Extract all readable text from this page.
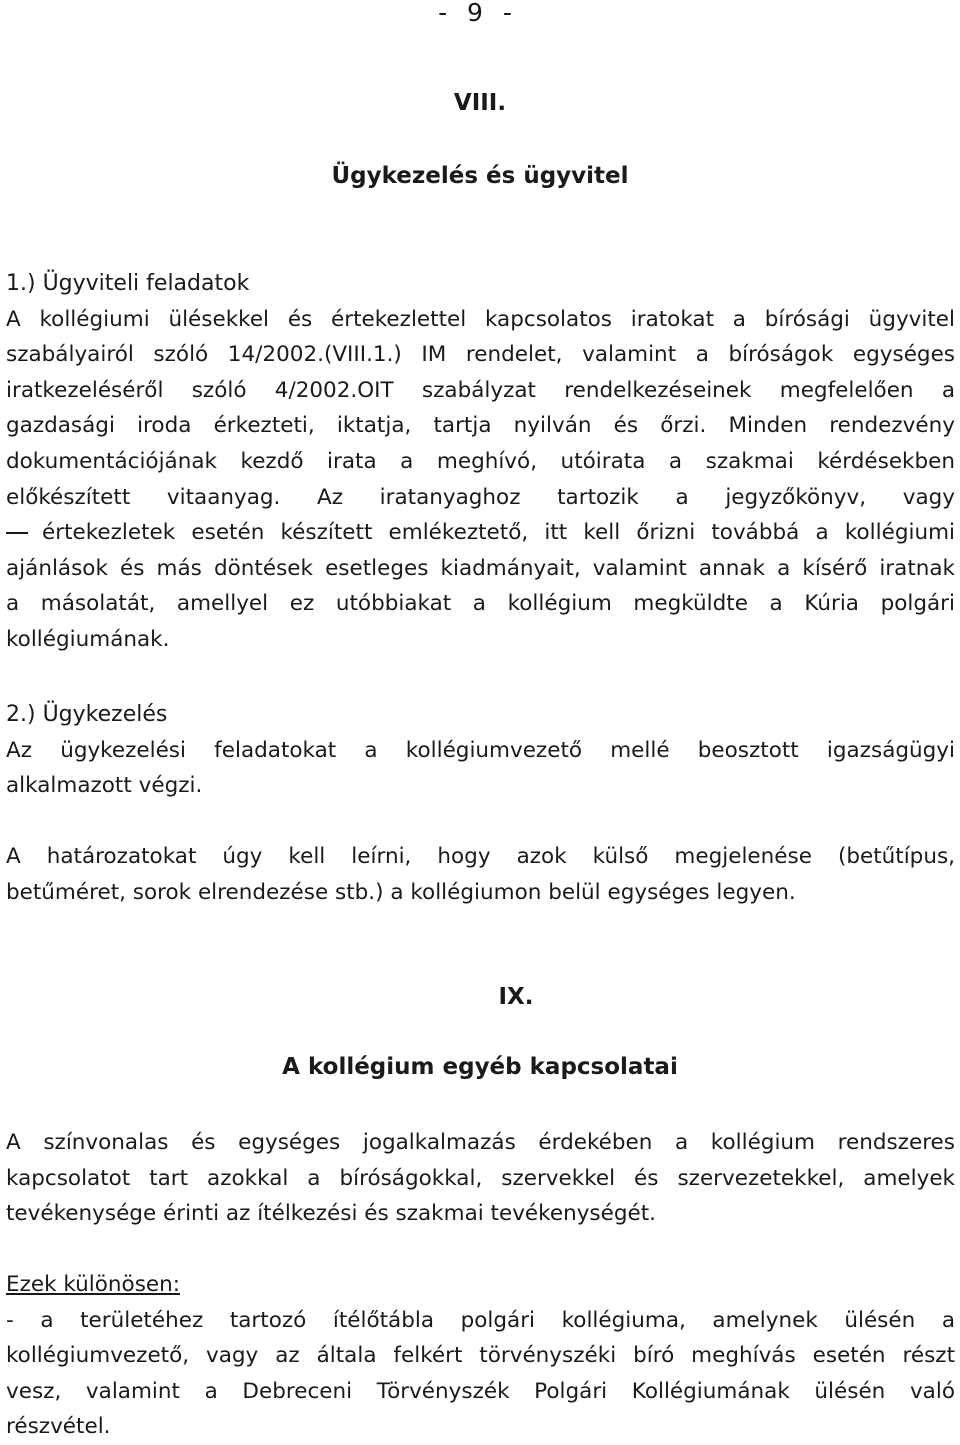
- 9 -
VIII.
Ügykezelés és ügyvitel
1.) Ügyviteli feladatok
A kollégiumi ülésekkel és értekezlettel kapcsolatos iratokat a bírósági ügyvitel
szabályairól szóló 14/2002.(VIII.1.) IM rendelet, valamint a bíróságok egységes
iratkezeléséről szóló 4/2002.OIT szabályzat rendelkezéseinek megfelelően a
gazdasági iroda érkezteti, iktatja, tartja nyilván és őrzi. Minden rendezvény
dokumentációjának kezdő irata a meghívó, utóirata a szakmai kérdésekben
előkészített vitaanyag. Az iratanyaghoz tartozik a jegyzőkönyv, vagy
értekezletek esetén készített emlékeztető, itt kell őrizni továbbá a kollégiumi
ajánlások és más döntések esetleges kiadmányait, valamint annak a kísérő iratnak
a másolatát, amellyel ez utóbbiakat a kollégium megküldte a Kúria polgári
kollégiumának.
2.) Ügykezelés
Az ügykezelési feladatokat a kollégiumvezető mellé beosztott igazságügyi
alkalmazott végzi.
A határozatokat úgy kell leírni, hogy azok külső megjelenése (betűtípus,
betűméret, sorok elrendezése stb.) a kollégiumon belül egységes legyen.
IX.
A kollégium egyéb kapcsolatai
A színvonalas és egységes jogalkalmazás érdekében a kollégium rendszeres
kapcsolatot tart azokkal a bíróságokkal, szervekkel és szervezetekkel, amelyek
tevékenysége érinti az ítélkezési és szakmai tevékenységét.
Ezek különösen:
- a területéhez tartozó ítélőtábla polgári kollégiuma, amelynek ülésén a
kollégiumvezető, vagy az általa felkért törvényszéki bíró meghívás esetén részt
vesz, valamint a Debreceni Törvényszék Polgári Kollégiumának ülésén való
részvétel.
